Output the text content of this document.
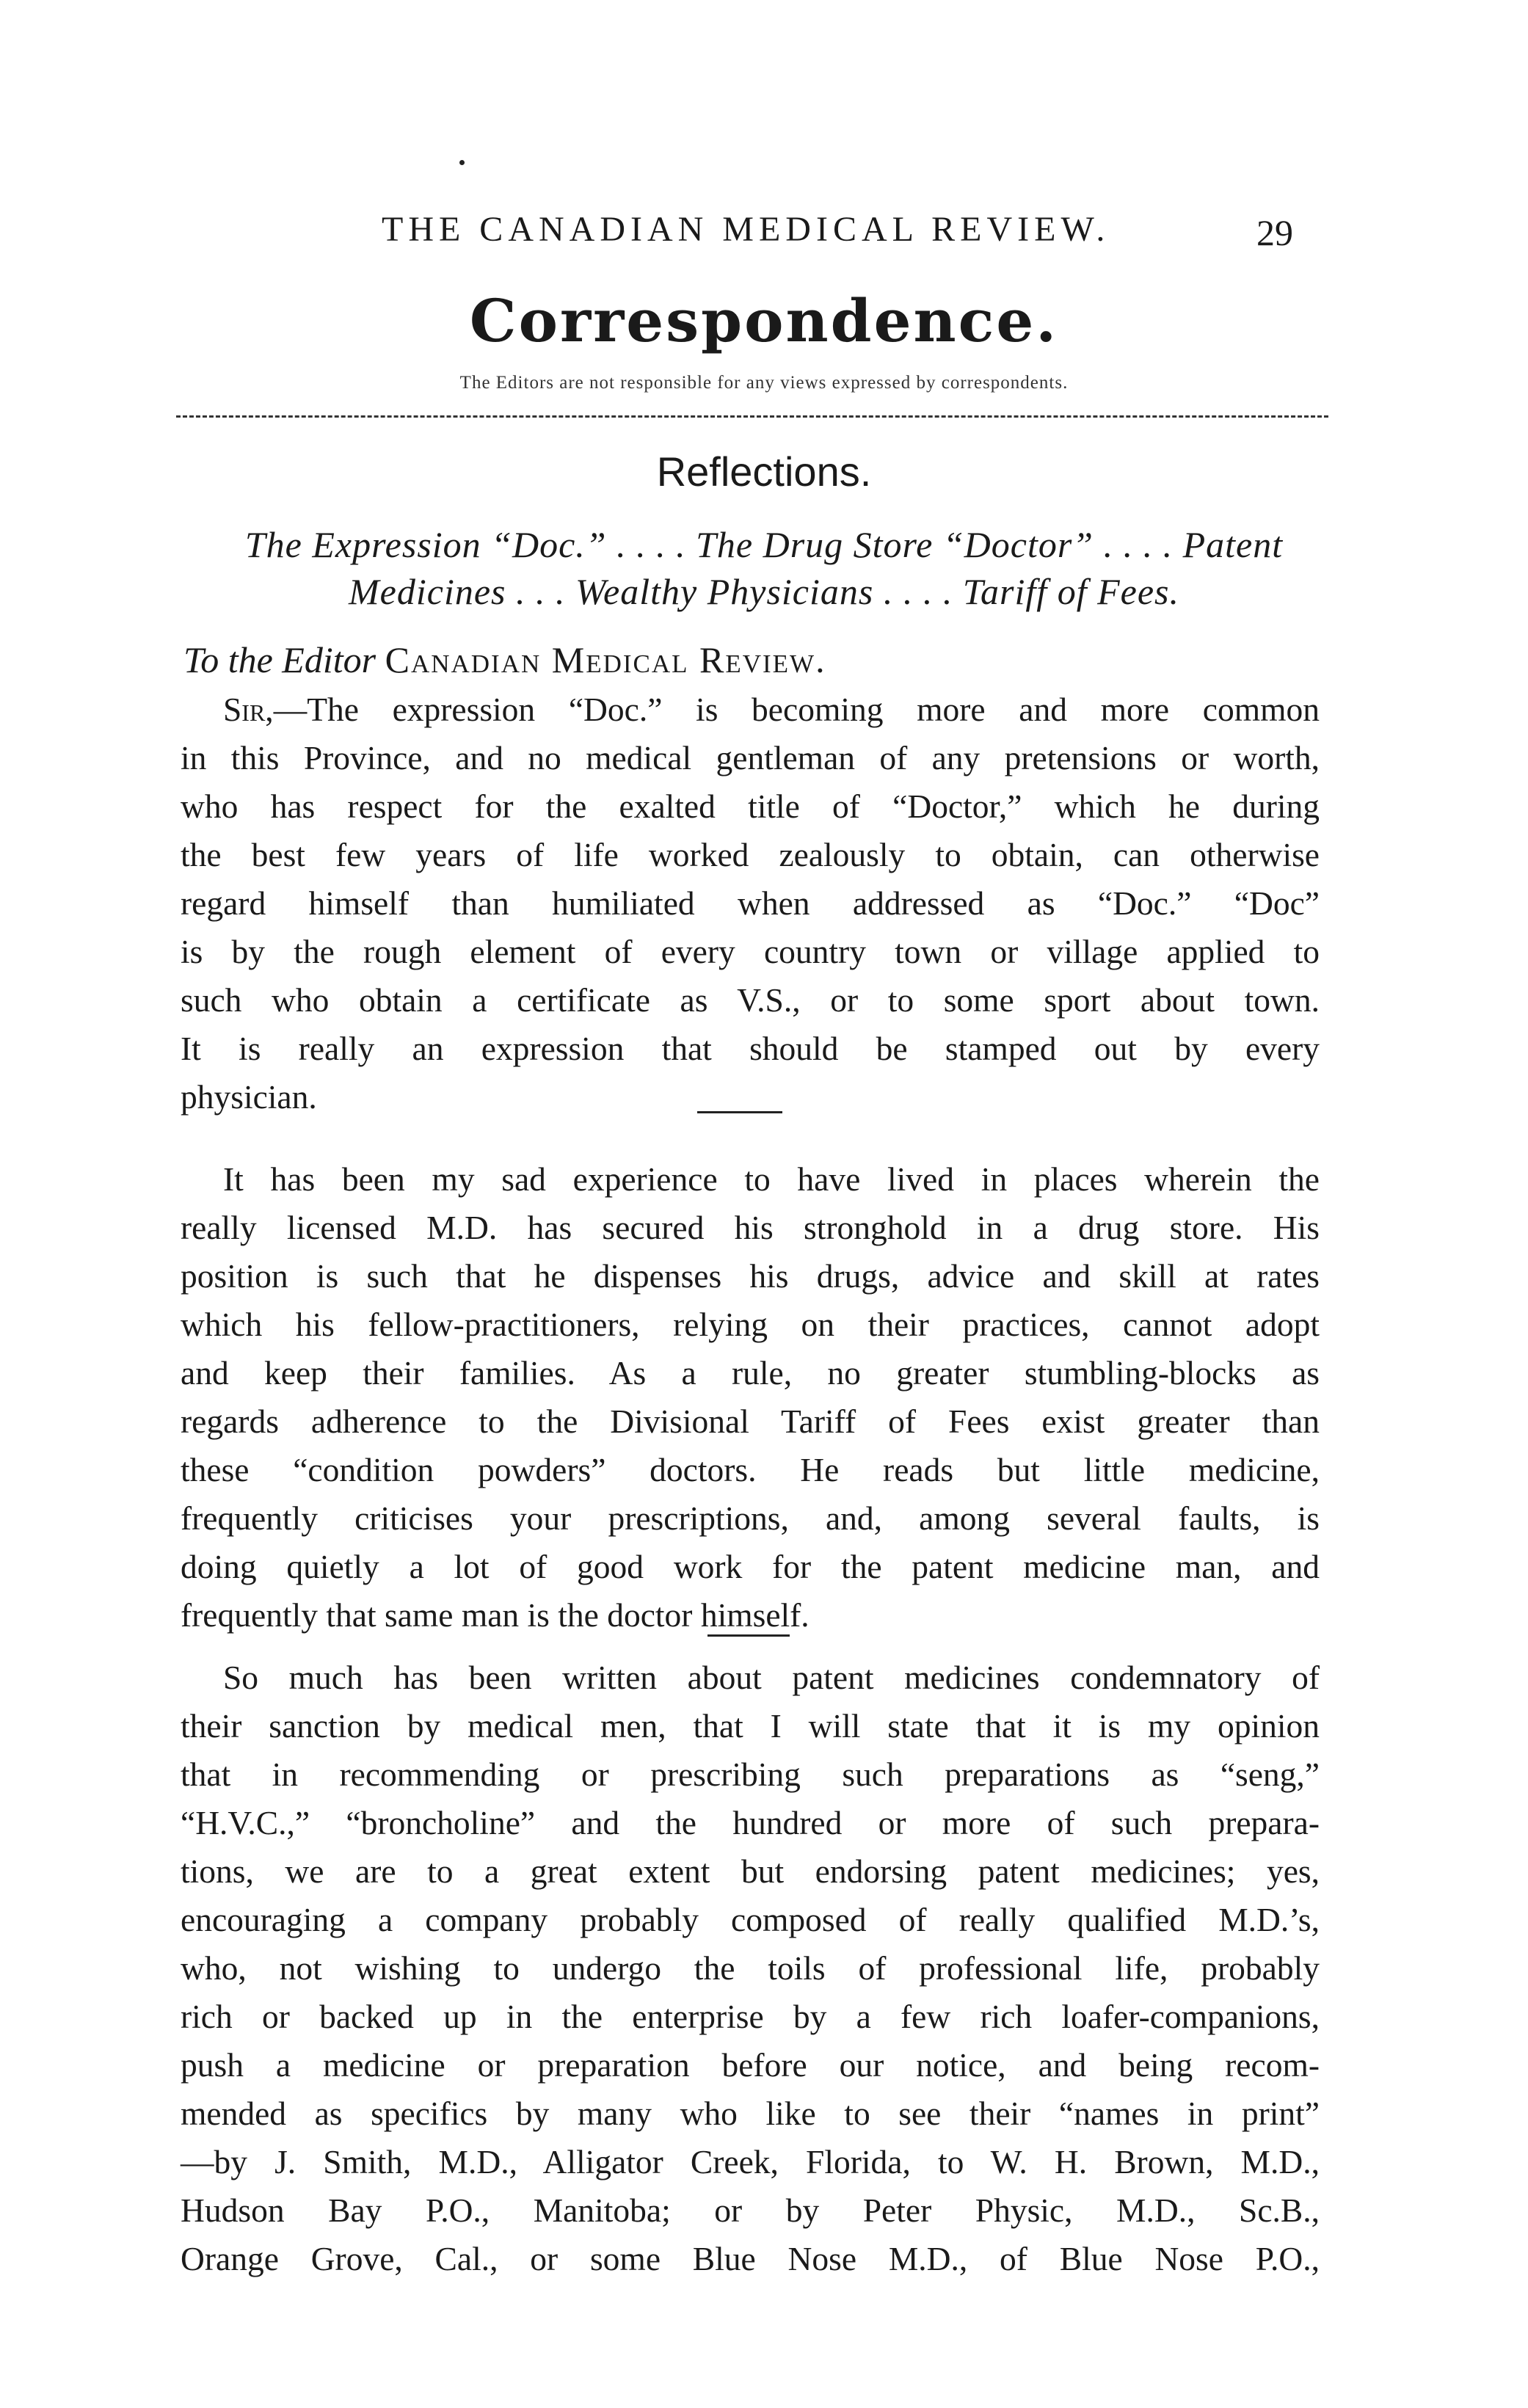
THE CANADIAN MEDICAL REVIEW.	29
Correspondence.
The Editors are not responsible for any views expressed by correspondents.
Reflections.
The Expression “Doc.” . . . . The Drug Store “Doctor” . . . . Patent
Medicines . . . Wealthy Physicians . . . . Tariff of Fees.
To the Editor Canadian Medical Review.
Sir,—The expression “Doc.” is becoming more and more common
in this Province, and no medical gentleman of any pretensions or worth,
who has respect for the exalted title of “Doctor,” which he during
the best few years of life worked zealously to obtain, can otherwise
regard himself than humiliated when addressed as “Doc.” “Doc”
is by the rough element of every country town or village applied to
such who obtain a certificate as V.S., or to some sport about town.
It is really an expression that should be stamped out by every
physician.
It has been my sad experience to have lived in places wherein the
really licensed M.D. has secured his stronghold in a drug store. His
position is such that he dispenses his drugs, advice and skill at rates
which his fellow-practitioners, relying on their practices, cannot adopt
and keep their families. As a rule, no greater stumbling-blocks as
regards adherence to the Divisional Tariff of Fees exist greater than
these “condition powders” doctors. He reads but little medicine,
frequently criticises your prescriptions, and, among several faults, is
doing quietly a lot of good work for the patent medicine man, and
frequently that same man is the doctor himself.
So much has been written about patent medicines condemnatory of
their sanction by medical men, that I will state that it is my opinion
that in recommending or prescribing such preparations as “seng,”
“H.V.C.,” “broncholine” and the hundred or more of such prepara-
tions, we are to a great extent but endorsing patent medicines; yes,
encouraging a company probably composed of really qualified M.D.’s,
who, not wishing to undergo the toils of professional life, probably
rich or backed up in the enterprise by a few rich loafer-companions,
push a medicine or preparation before our notice, and being recom-
mended as specifics by many who like to see their “names in print”
—by J. Smith, M.D., Alligator Creek, Florida, to W. H. Brown, M.D.,
Hudson Bay P.O., Manitoba; or by Peter Physic, M.D., Sc.B.,
Orange Grove, Cal., or some Blue Nose M.D., of Blue Nose P.O.,
